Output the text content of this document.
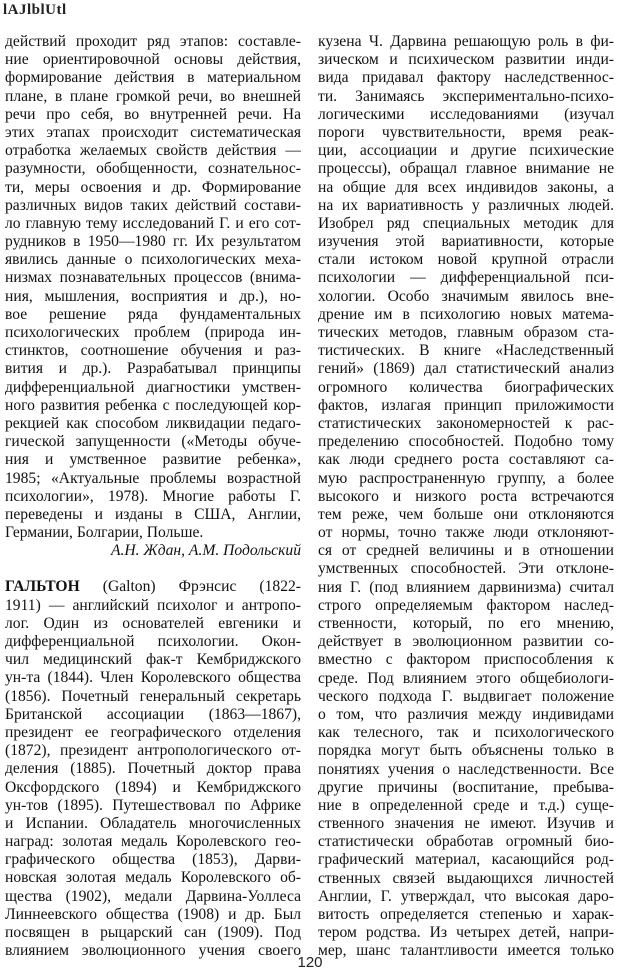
lAJlblUtl
действий проходит ряд этапов: составле-
ние ориентировочной основы действия,
формирование действия в материальном
плане, в плане громкой речи, во внешней
речи про себя, во внутренней речи. На
этих этапах происходит систематическая
отработка желаемых свойств действия —
разумности, обобщенности, сознательнос-
ти, меры освоения и др. Формирование
различных видов таких действий состави-
ло главную тему исследований Г. и его сот-
рудников в 1950—1980 гг. Их результатом
явились данные о психологических меха-
низмах познавательных процессов (внима-
ния, мышления, восприятия и др.), но-
вое решение ряда фундаментальных
психологических проблем (природа ин-
стинктов, соотношение обучения и раз-
вития и др.). Разрабатывал принципы
дифференциальной диагностики умствен-
ного развития ребенка с последующей кор-
рекцией как способом ликвидации педаго-
гической запущенности («Методы обуче-
ния и умственное развитие ребенка»,
1985; «Актуальные проблемы возрастной
психологии», 1978). Многие работы Г.
переведены и изданы в США, Англии,
Германии, Болгарии, Польше.
А.Н. Ждан, А.М. Подольский
ГАЛЬТОН (Galton) Фрэнсис (1822-
1911) — английский психолог и антропо-
лог. Один из основателей евгеники и
дифференциальной психологии. Окон-
чил медицинский фак-т Кембриджского
ун-та (1844). Член Королевского общества
(1856). Почетный генеральный секретарь
Британской ассоциации (1863—1867),
президент ее географического отделения
(1872), президент антропологического от-
деления (1885). Почетный доктор права
Оксфордского (1894) и Кембриджского
ун-тов (1895). Путешествовал по Африке
и Испании. Обладатель многочисленных
наград: золотая медаль Королевского гео-
графического общества (1853), Дарви-
новская золотая медаль Королевского об-
щества (1902), медали Дарвина-Уоллеса
Линнеевского общества (1908) и др. Был
посвящен в рыцарский сан (1909). Под
влиянием эволюционного учения своего
кузена Ч. Дарвина решающую роль в фи-
зическом и психическом развитии инди-
вида придавал фактору наследственнос-
ти. Занимаясь экспериментально-психо-
логическими исследованиями (изучал
пороги чувствительности, время реак-
ции, ассоциации и другие психические
процессы), обращал главное внимание не
на общие для всех индивидов законы, а
на их вариативность у различных людей.
Изобрел ряд специальных методик для
изучения этой вариативности, которые
стали истоком новой крупной отрасли
психологии — дифференциальной пси-
хологии. Особо значимым явилось вне-
дрение им в психологию новых матема-
тических методов, главным образом ста-
тистических. В книге «Наследственный
гений» (1869) дал статистический анализ
огромного количества биографических
фактов, излагая принцип приложимости
статистических закономерностей к рас-
пределению способностей. Подобно тому
как люди среднего роста составляют са-
мую распространенную группу, а более
высокого и низкого роста встречаются
тем реже, чем больше они отклоняются
от нормы, точно также люди отклоняют-
ся от средней величины и в отношении
умственных способностей. Эти отклоне-
ния Г. (под влиянием дарвинизма) считал
строго определяемым фактором наслед-
ственности, который, по его мнению,
действует в эволюционном развитии со-
вместно с фактором приспособления к
среде. Под влиянием этого общебиологи-
ческого подхода Г. выдвигает положение
о том, что различия между индивидами
как телесного, так и психологического
порядка могут быть объяснены только в
понятиях учения о наследственности. Все
другие причины (воспитание, пребыва-
ние в определенной среде и т.д.) суще-
ственного значения не имеют. Изучив и
статистически обработав огромный био-
графический материал, касающийся род-
ственных связей выдающихся личностей
Англии, Г. утверждал, что высокая даро-
витость определяется степенью и харак-
тером родства. Из четырех детей, напри-
мер, шанс талантливости имеется только
120
